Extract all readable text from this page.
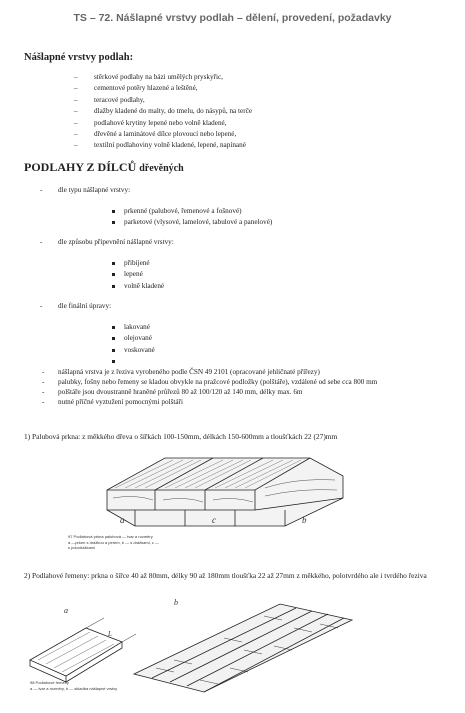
TS – 72. Nášlapné vrstvy podlah – dělení, provedení, požadavky
Nášlapné vrstvy podlah:
– stěrkové podlahy na bázi umělých pryskyřic,
– cementové potěry hlazené a leštěné,
– teracové podlahy,
– dlažby kladené do malty, do tmelu, do násypů, na terče
– podlahové krytiny lepené nebo volně kladené,
– dřevěné a laminátové dílce plovoucí nebo lepené,
– textilní podlahoviny volně kladené, lepené, napínané
PODLAHY Z DÍLCŮ dřevěných
- dle typu nášlapné vrstvy:
prkenné (palubové, řemenové a fošnové)
parketové (vlysové, lamelové, tabulové a panelové)
- dle způsobu připevnění nášlapné vrstvy:
přibíjené
lepené
volně kladené
- dle finální úpravy:
lakované
olejované
voskované
- nášlapná vrstva je z řeziva vyrobeného podle ČSN 49 2101 (opracované jehličnaté přířezy)
- palubky, fošny nebo řemeny se kladou obvykle na pražcové podložky (polštáře), vzdálené od sebe cca 800 mm
- polštáře jsou dvoustranně hraněné průřezů 80 až 100/120 až 140 mm, délky max. 6m
- nutné příčné vyztužení pomocnými polštáři
1) Palubová prkna: z měkkého dřeva o šířkách 100-150mm, délkách 150-600mm a tloušťkách 22 (27)mm
a	c	b
97 Podlahová prkna palubová — tvar a rozměry
a —prken s drážkou a perem, b — s drážkami, c —
s polodrážkami
2) Podlahové řemeny: prkna o šířce 40 až 80mm, délky 90 až 180mm tloušťka 22 až 27mm z měkkého, polotvrdého ale i tvrdého řeziva
a
b
L
98 Podlahové řemeny
a — tvar a rozměry, b — skladba nášlapné vrstvy
